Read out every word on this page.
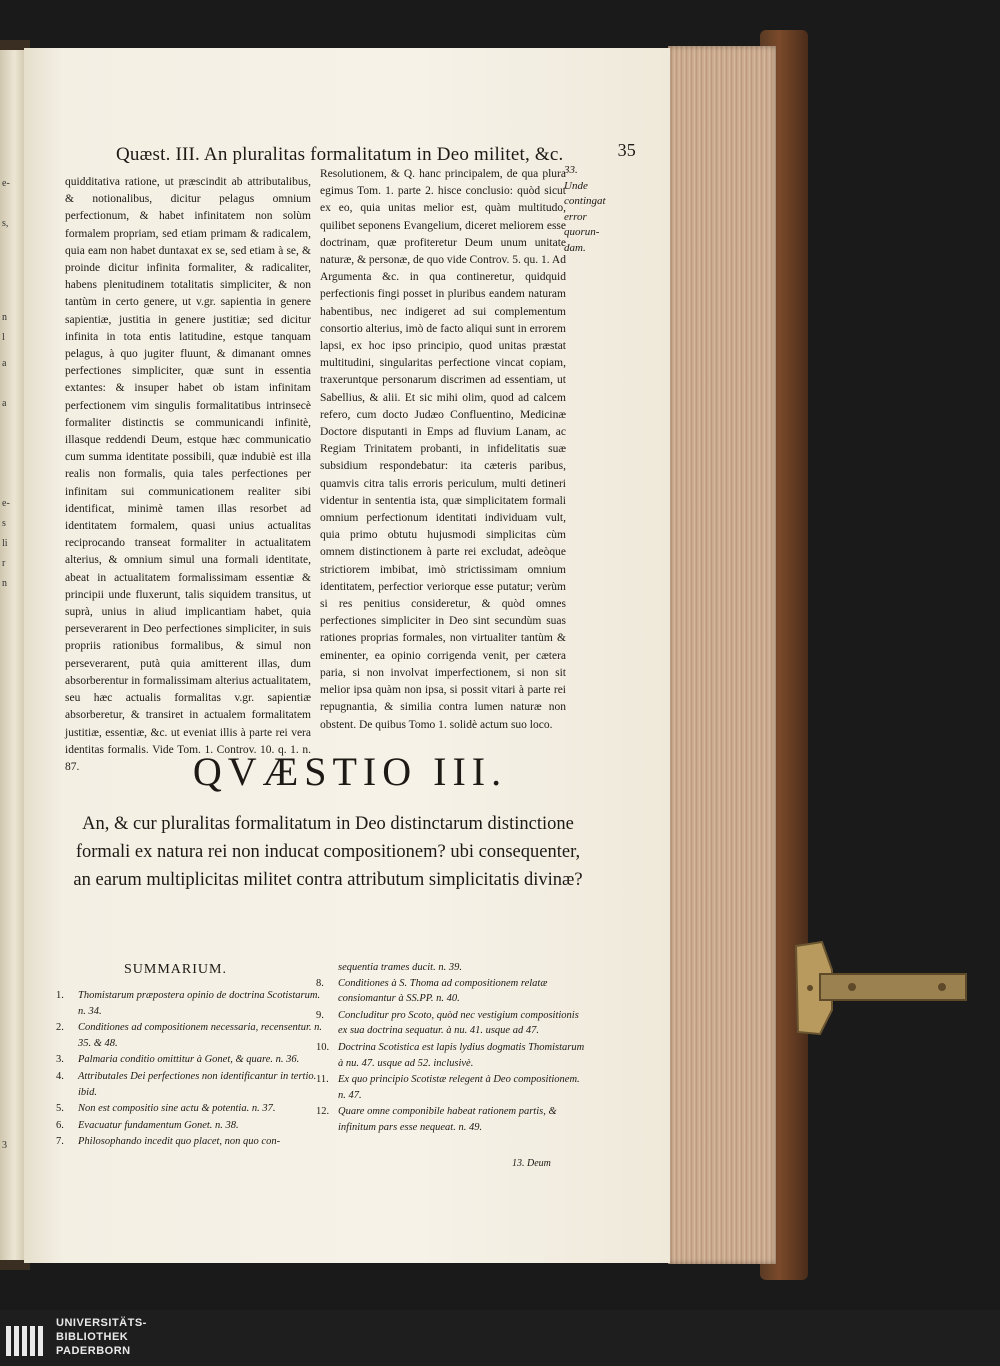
e-
s,
n
l
a
a
e-
s
li
r
n
3
Quæst. III. An pluralitas formalitatum in Deo militet, &c.	35

quidditativa ratione, ut præscindit ab attributalibus, & notionalibus, dicitur pelagus omnium perfectionum, & habet infinitatem non solùm formalem propriam, sed etiam primam & radicalem, quia eam non habet duntaxat ex se, sed etiam à se, & proinde dicitur infinita formaliter, & radicaliter, habens plenitudinem totalitatis simpliciter, & non tantùm in certo genere, ut v.gr. sapientia in genere sapientiæ, justitia in genere justitiæ; sed dicitur infinita in tota entis latitudine, estque tanquam pelagus, à quo jugiter fluunt, & dimanant omnes perfectiones simpliciter, quæ sunt in essentia extantes: & insuper habet ob istam infinitam perfectionem vim singulis formalitatibus intrinsecè formaliter distinctis se communicandi infinitè, illasque reddendi Deum, estque hæc communicatio cum summa identitate possibili, quæ indubiè est illa realis non formalis, quia tales perfectiones per infinitam sui communicationem realiter sibi identificat, minimè tamen illas resorbet ad identitatem formalem, quasi unius actualitas reciprocando transeat formaliter in actualitatem alterius, & omnium simul una formali identitate, abeat in actualitatem formalissimam essentiæ & principii unde fluxerunt, talis siquidem transitus, ut suprà, unius in aliud implicantiam habet, quia perseverarent in Deo perfectiones simpliciter, in suis propriis rationibus formalibus, & simul non perseverarent, putà quia amitterent illas, dum absorberentur in formalissimam alterius actualitatem, seu hæc actualis formalitas v.gr. sapientiæ absorberetur, & transiret in actualem formalitatem justitiæ, essentiæ, &c. ut eveniat illis à parte rei vera identitas formalis. Vide Tom. 1. Controv. 10. q. 1. n. 87.

Resolutionem, & Q. hanc principalem, de qua plura egimus Tom. 1. parte 2. hisce conclusio: quòd sicut ex eo, quia unitas melior est, quàm multitudo, quilibet seponens Evangelium, diceret meliorem esse doctrinam, quæ profiteretur Deum unum unitate naturæ, & personæ, de quo vide Controv. 5. qu. 1. Ad Argumenta &c. in qua contineretur, quidquid perfectionis fingi posset in pluribus eandem naturam habentibus, nec indigeret ad sui complementum consortio alterius, imò de facto aliqui sunt in errorem lapsi, ex hoc ipso principio, quod unitas præstat multitudini, singularitas perfectione vincat copiam, traxeruntque personarum discrimen ad essentiam, ut Sabellius, & alii. Et sic mihi olim, quod ad calcem refero, cum docto Judæo Confluentino, Medicinæ Doctore disputanti in Emps ad fluvium Lanam, ac Regiam Trinitatem probanti, in infidelitatis suæ subsidium respondebatur: ita cæteris paribus, quamvis citra talis erroris periculum, multi detineri videntur in sententia ista, quæ simplicitatem formali omnium perfectionum identitati individuam vult, quia primo obtutu hujusmodi simplicitas cùm omnem distinctionem à parte rei excludat, adeòque strictiorem imbibat, imò strictissimam omnium identitatem, perfectior veriorque esse putatur; verùm si res penitius consideretur, & quòd omnes perfectiones simpliciter in Deo sint secundùm suas rationes proprias formales, non virtualiter tantùm & eminenter, ea opinio corrigenda venit, per cætera paria, si non involvat imperfectionem, si non sit melior ipsa quàm non ipsa, si possit vitari à parte rei repugnantia, & similia contra lumen naturæ non obstent. De quibus Tomo 1. solidè actum suo loco.

33.
Unde
contingat
error
quorun-
dam.
QVÆSTIO III.
An, & cur pluralitas formalitatum in Deo distinctarum distinctione formali ex natura rei non inducat compositionem? ubi consequenter, an earum multiplicitas militet contra attributum simplicitatis divinæ?
SUMMARIUM.
1. Thomistarum præpostera opinio de doctrina Scotistarum. n. 34.
2. Conditiones ad compositionem necessaria, recensentur. n. 35. & 48.
3. Palmaria conditio omittitur à Gonet, & quare. n. 36.
4. Attributales Dei perfectiones non identificantur in tertio. ibid.
5. Non est compositio sine actu & potentia. n. 37.
6. Evacuatur fundamentum Gonet. n. 38.
7. Philosophando incedit quo placet, non quo con-
sequentia trames ducit. n. 39.
8. Conditiones à S. Thoma ad compositionem relatæ consiomantur à SS.PP. n. 40.
9. Concluditur pro Scoto, quòd nec vestigium compositionis ex sua doctrina sequatur. à nu. 41. usque ad 47.
10. Doctrina Scotistica est lapis lydius dogmatis Thomistarum à nu. 47. usque ad 52. inclusivè.
11. Ex quo principio Scotistæ relegent à Deo compositionem. n. 47.
12. Quare omne componibile habeat rationem partis, & infinitum pars esse nequeat. n. 49.
13. Deum
UNIVERSITÄTS-
BIBLIOTHEK
PADERBORN
